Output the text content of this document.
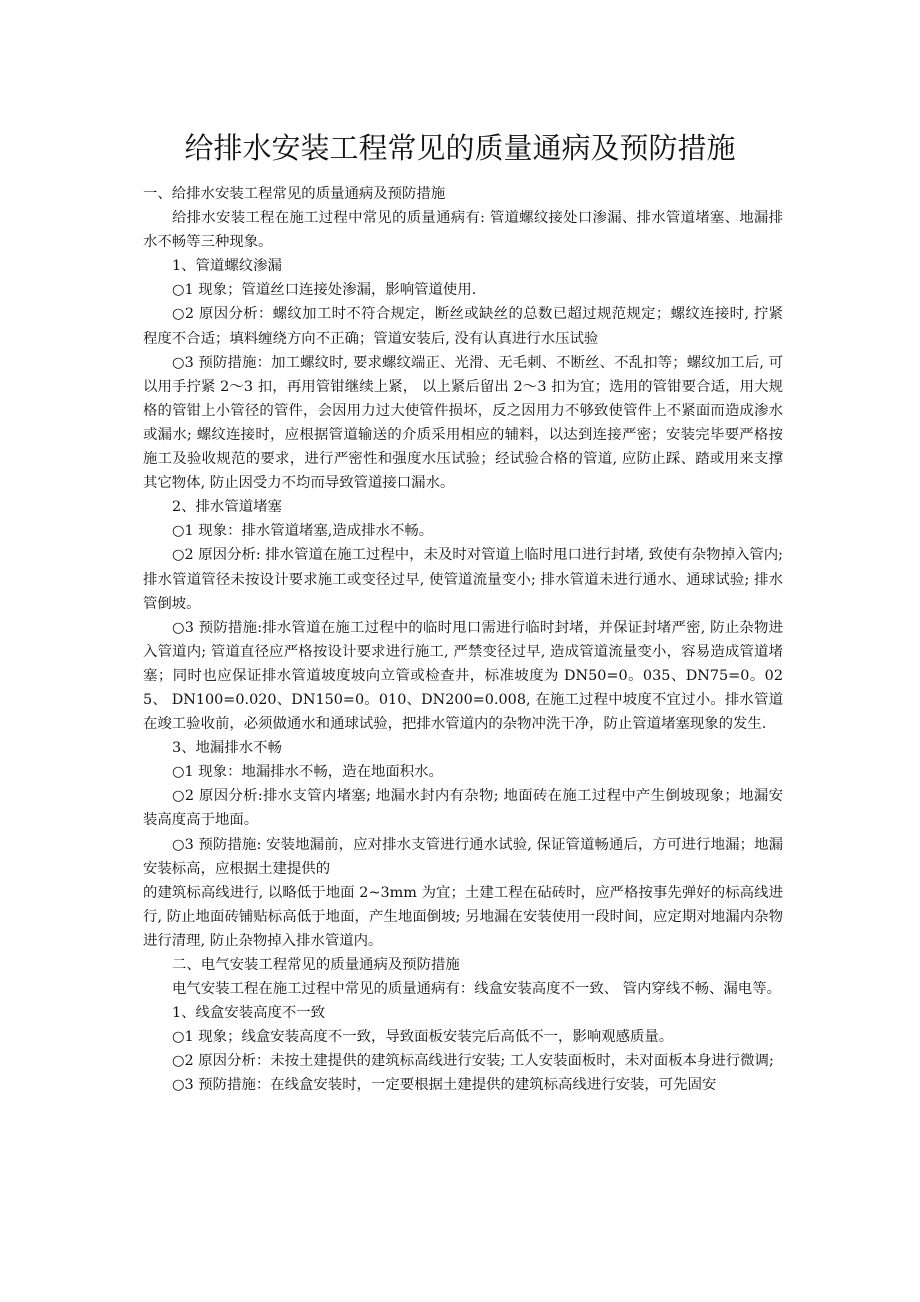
给排水安装工程常见的质量通病及预防措施

一、给排水安装工程常见的质量通病及预防措施

给排水安装工程在施工过程中常见的质量通病有: 管道螺纹接处口渗漏、排水管道堵塞、地漏排水不畅等三种现象。

1、管道螺纹渗漏

○1 现象；管道丝口连接处渗漏，影响管道使用.

○2 原因分析：螺纹加工时不符合规定，断丝或缺丝的总数已超过规范规定；螺纹连接时, 拧紧程度不合适；填料缠绕方向不正确；管道安装后, 没有认真进行水压试验

○3 预防措施：加工螺纹时, 要求螺纹端正、光滑、无毛刺、不断丝、不乱扣等；螺纹加工后, 可以用手拧紧 2～3 扣，再用管钳继续上紧， 以上紧后留出 2～3 扣为宜；选用的管钳要合适，用大规格的管钳上小管径的管件，会因用力过大使管件损坏，反之因用力不够致使管件上不紧面而造成渗水或漏水; 螺纹连接时，应根据管道输送的介质采用相应的辅料，以达到连接严密；安装完毕要严格按施工及验收规范的要求，进行严密性和强度水压试验；经试验合格的管道, 应防止踩、踏或用来支撑其它物体, 防止因受力不均而导致管道接口漏水。

2、排水管道堵塞

○1 现象：排水管道堵塞,造成排水不畅。

○2 原因分析: 排水管道在施工过程中，未及时对管道上临时甩口进行封堵, 致使有杂物掉入管内; 排水管道管径未按设计要求施工或变径过早, 使管道流量变小; 排水管道未进行通水、通球试验; 排水管倒坡。

○3 预防措施:排水管道在施工过程中的临时甩口需进行临时封堵，并保证封堵严密, 防止杂物进入管道内; 管道直径应严格按设计要求进行施工, 严禁变径过早, 造成管道流量变小，容易造成管道堵塞；同时也应保证排水管道坡度坡向立管或检查井，标准坡度为 DN50=0。035、DN75=0。025、 DN100=0.020、DN150=0。010、DN200=0.008, 在施工过程中坡度不宜过小。排水管道在竣工验收前，必须做通水和通球试验，把排水管道内的杂物冲洗干净，防止管道堵塞现象的发生.

3、地漏排水不畅

○1 现象：地漏排水不畅，造在地面积水。

○2 原因分析:排水支管内堵塞; 地漏水封内有杂物; 地面砖在施工过程中产生倒坡现象；地漏安装高度高于地面。

○3 预防措施: 安装地漏前，应对排水支管进行通水试验, 保证管道畅通后，方可进行地漏；地漏安装标高，应根据土建提供的

的建筑标高线进行, 以略低于地面 2~3mm 为宜；土建工程在砧砖时，应严格按事先弹好的标高线进行, 防止地面砖铺贴标高低于地面，产生地面倒坡; 另地漏在安装使用一段时间，应定期对地漏内杂物进行清理, 防止杂物掉入排水管道内。

二、电气安装工程常见的质量通病及预防措施

电气安装工程在施工过程中常见的质量通病有：线盒安装高度不一致、 管内穿线不畅、漏电等。

1、线盒安装高度不一致

○1 现象；线盒安装高度不一致，导致面板安装完后高低不一，影响观感质量。

○2 原因分析：未按土建提供的建筑标高线进行安装; 工人安装面板时，未对面板本身进行微调;

○3 预防措施：在线盒安装时，一定要根据土建提供的建筑标高线进行安装，可先固安
